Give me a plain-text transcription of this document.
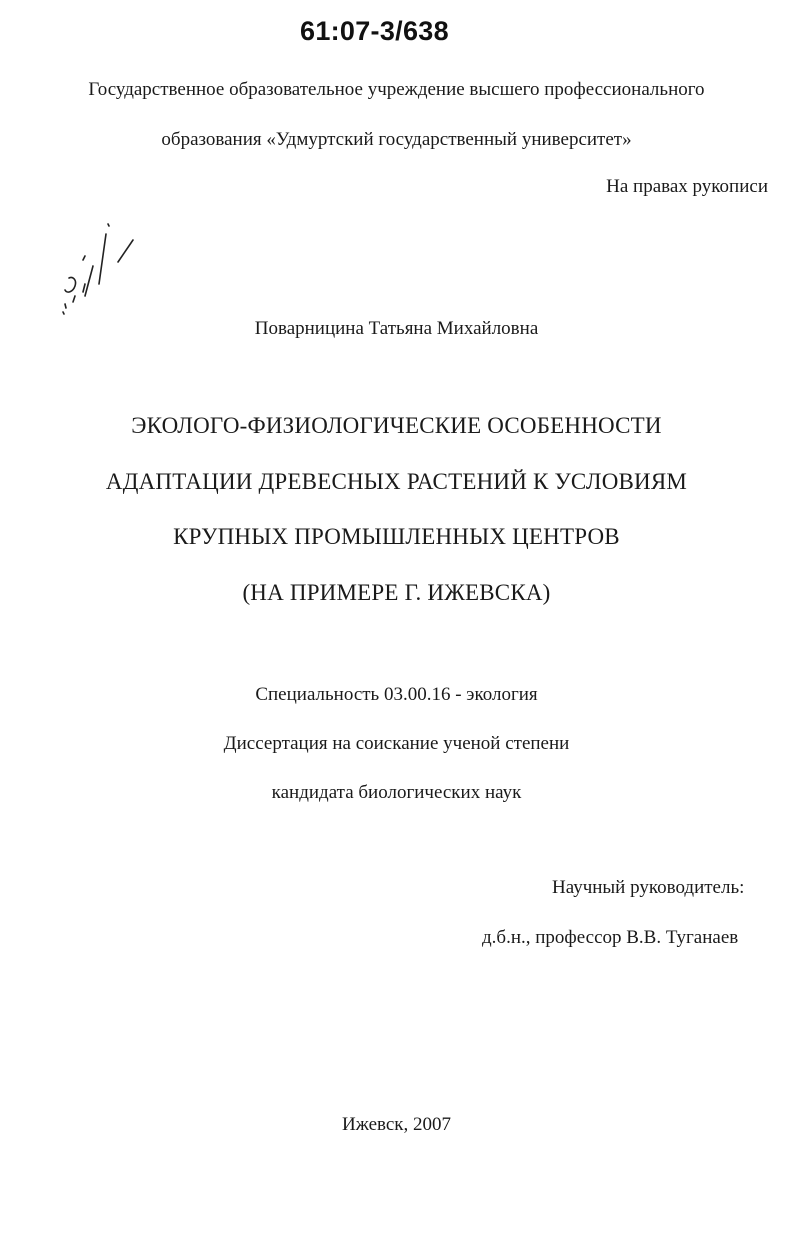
61:07-3/638
Государственное образовательное учреждение высшего профессионального
образования «Удмуртский государственный университет»
На правах рукописи
Поварницина Татьяна Михайловна
ЭКОЛОГО-ФИЗИОЛОГИЧЕСКИЕ ОСОБЕННОСТИ
АДАПТАЦИИ ДРЕВЕСНЫХ РАСТЕНИЙ К УСЛОВИЯМ
КРУПНЫХ ПРОМЫШЛЕННЫХ ЦЕНТРОВ
(НА ПРИМЕРЕ Г. ИЖЕВСКА)
Специальность 03.00.16 - экология
Диссертация на соискание ученой степени
кандидата биологических наук
Научный руководитель:
д.б.н., профессор В.В. Туганаев
Ижевск, 2007
